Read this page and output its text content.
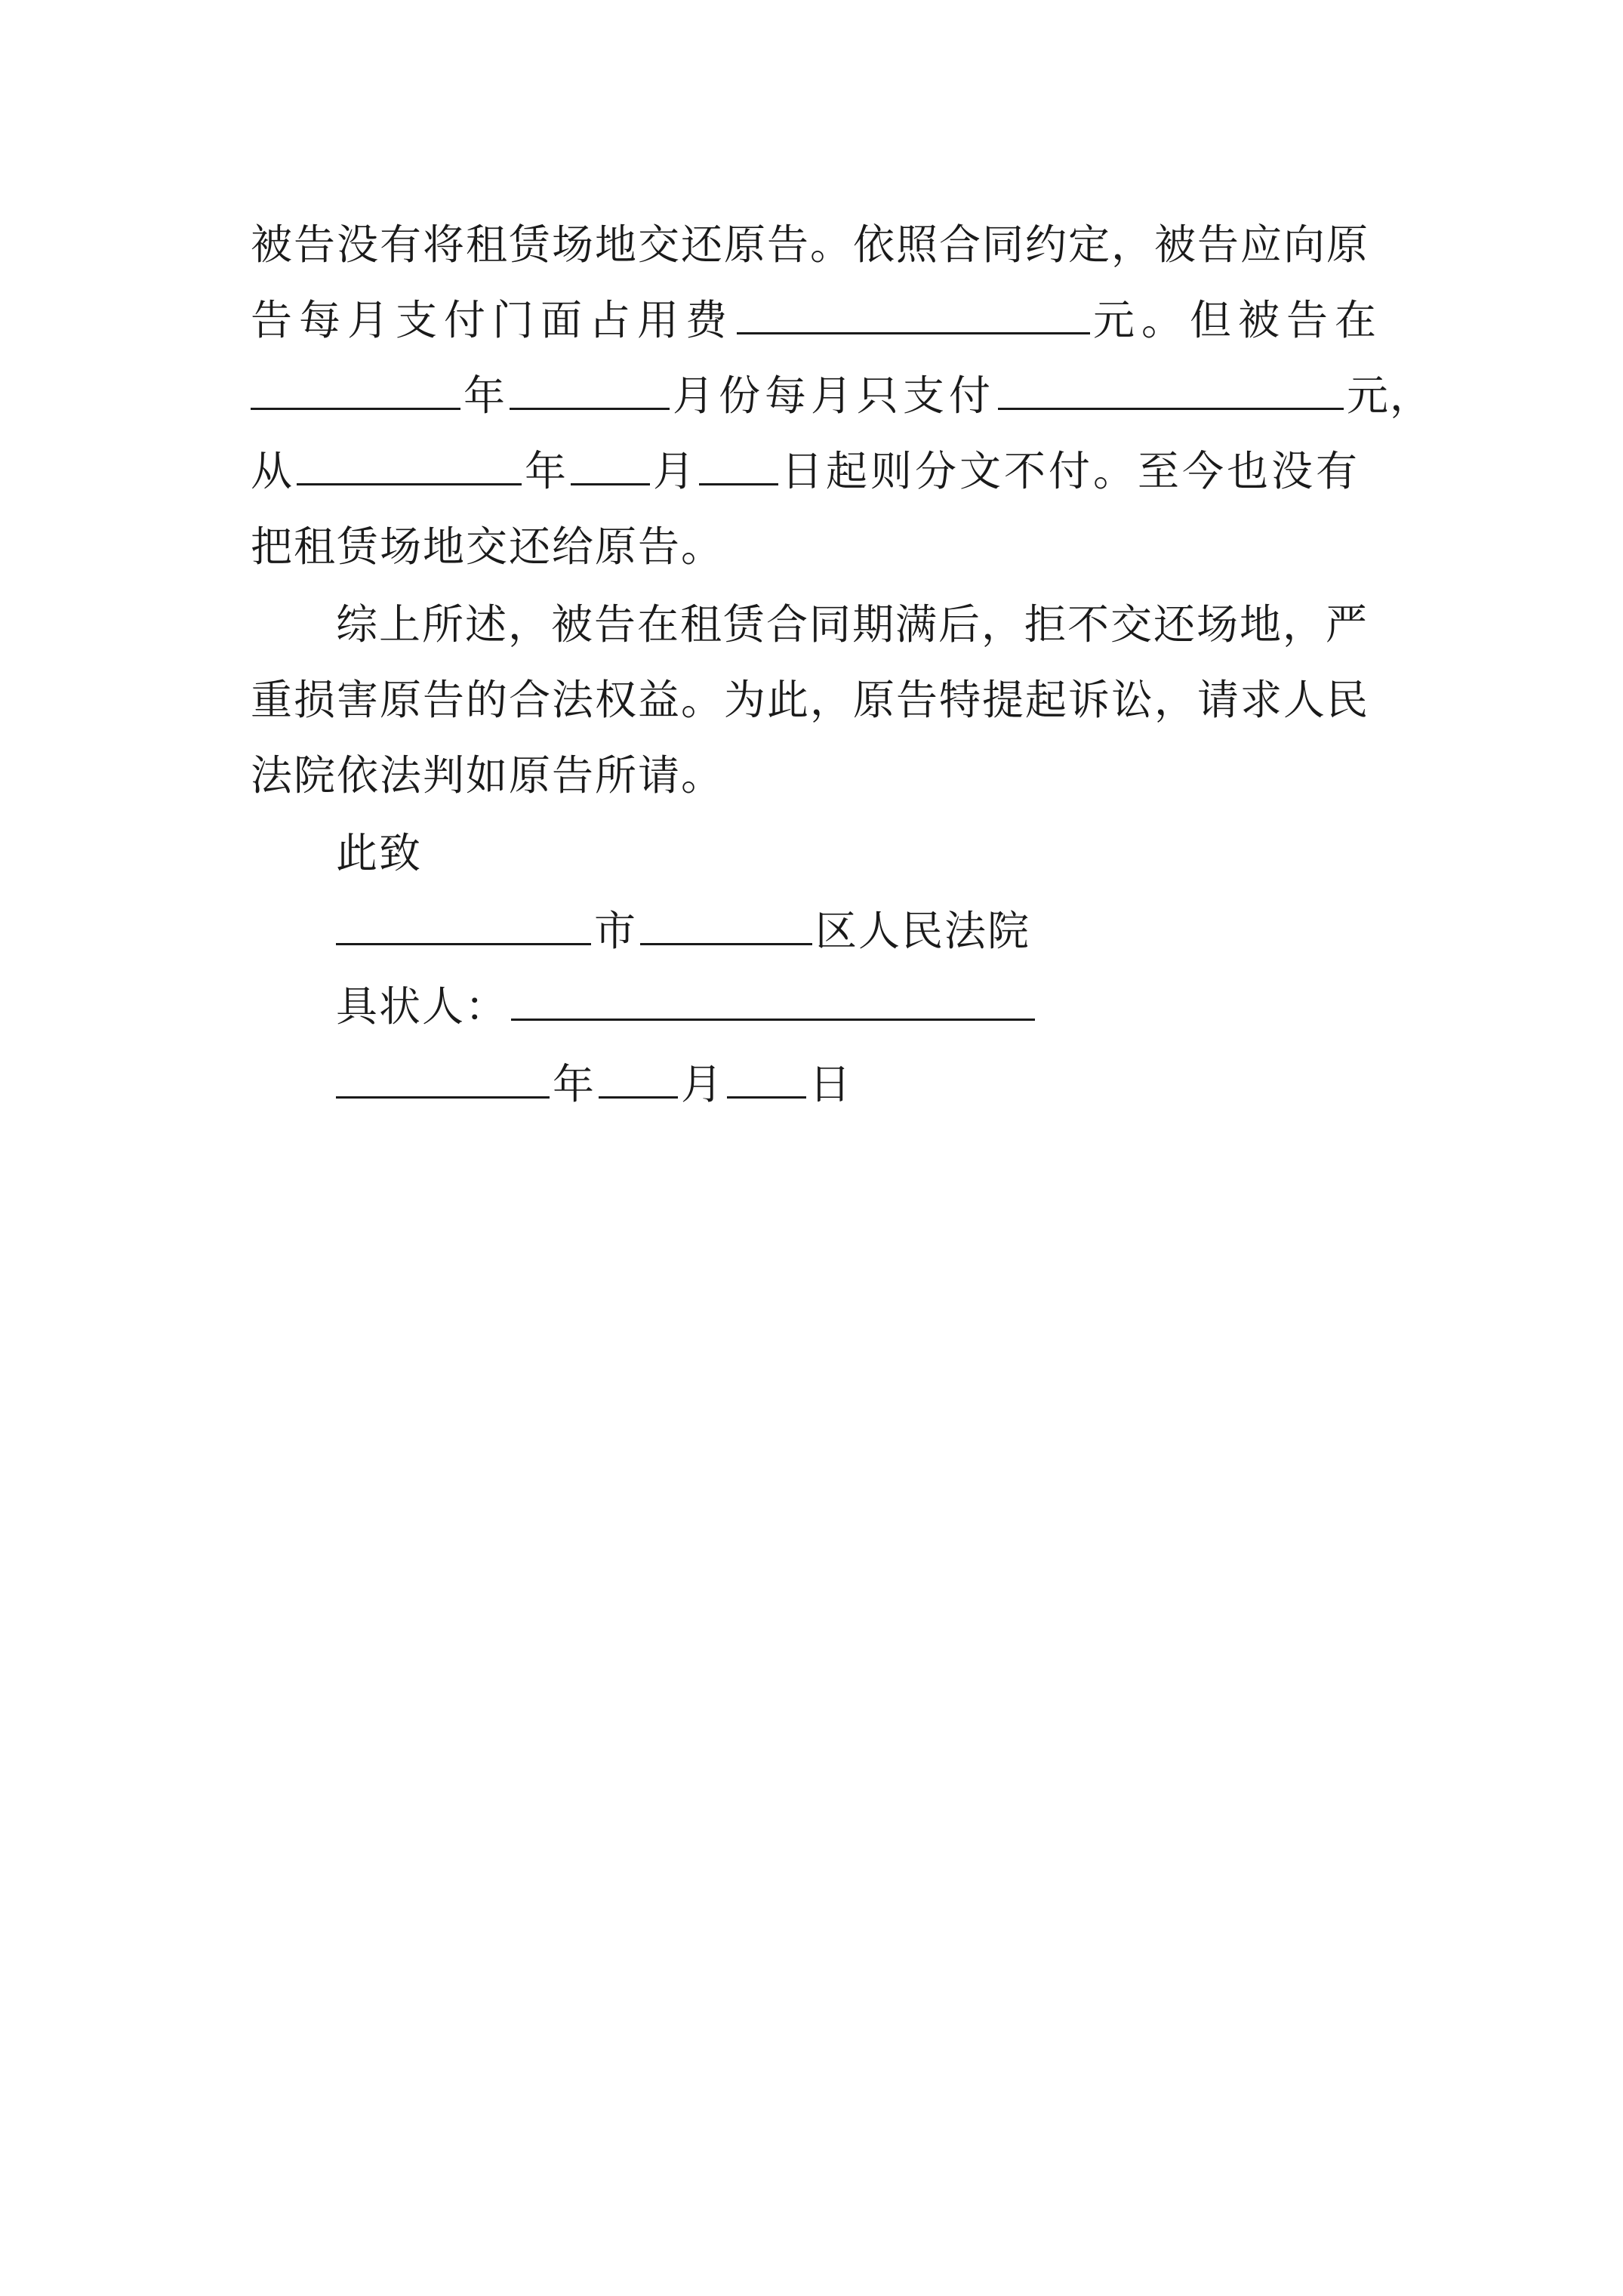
被告没有将租赁场地交还原告。依照合同约定，被告应向原
告每月支付门面占用费	元。但被告在
年	月份每月只支付	元，
从	年 月 日起则分文不付。至今也没有
把租赁场地交还给原告。
综上所述，被告在租赁合同期满后，拒不交还场地，严
重损害原告的合法权益。为此，原告特提起诉讼，请求人民
法院依法判如原告所请。
此致
市	区人民法院
具状人：
年 月 日
